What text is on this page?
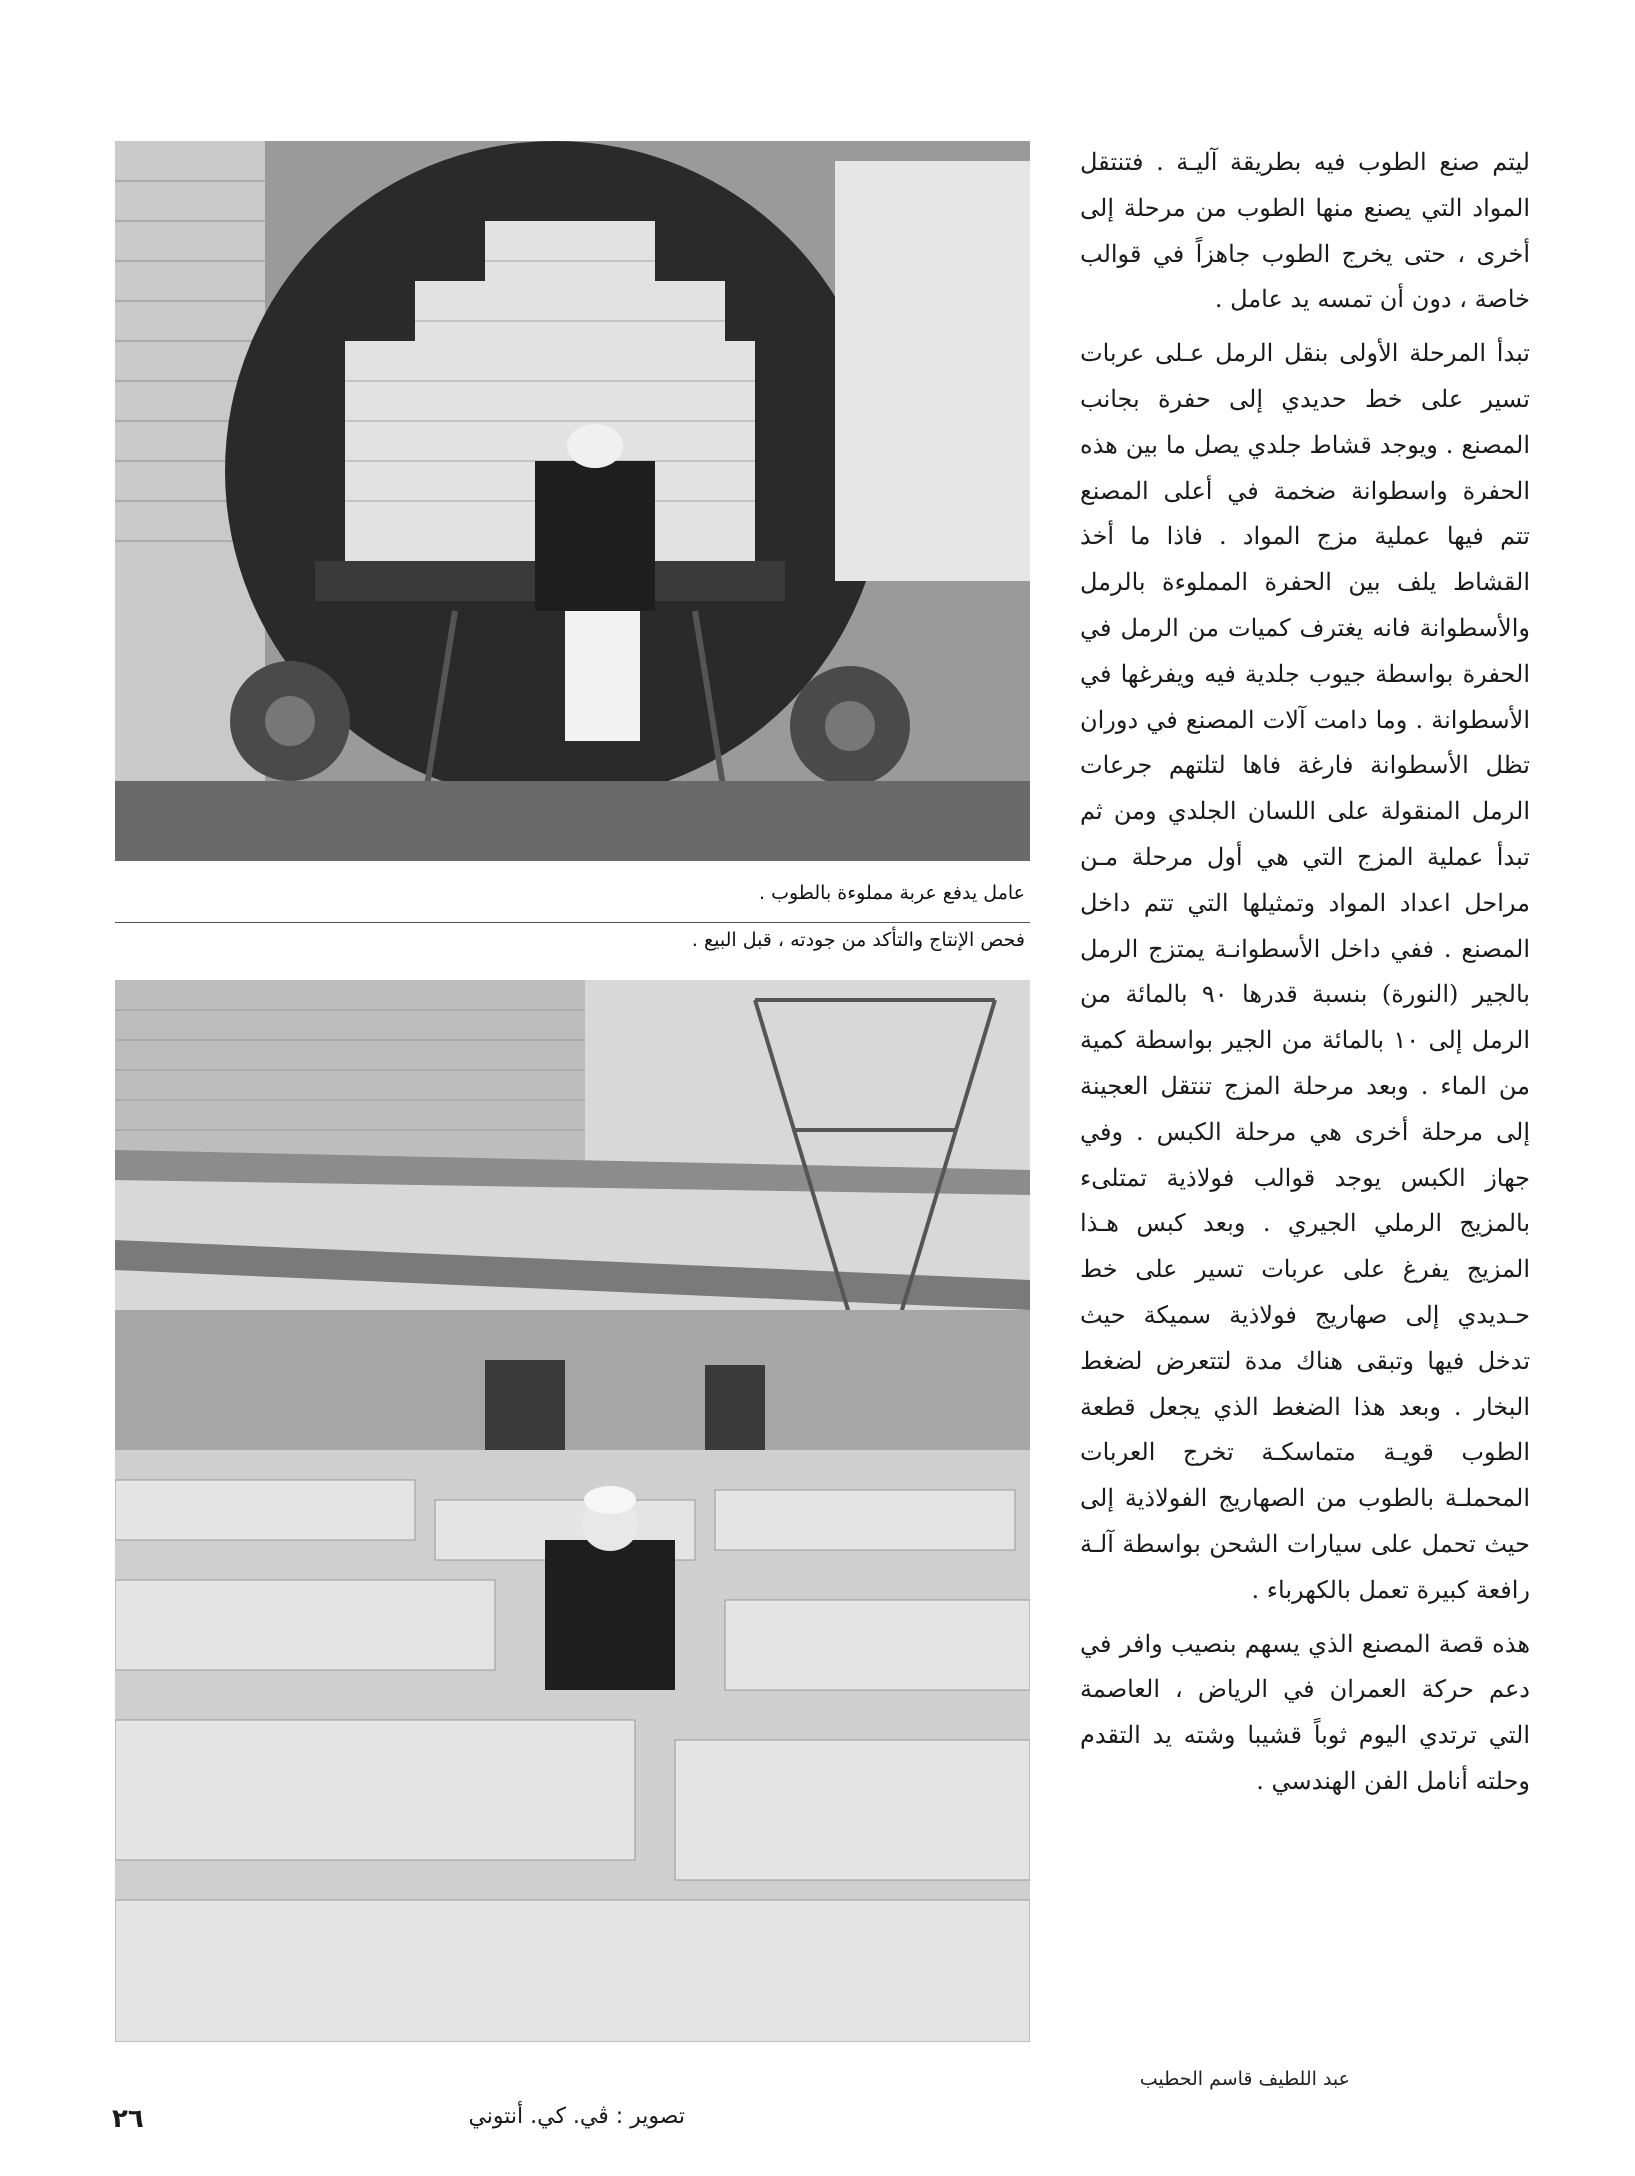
عامل يدفع عربة مملوءة بالطوب .
فحص الإنتاج والتأكد من جودته ، قبل البيع .

ليتم صنع الطوب فيه بطريقة آليـة . فتنتقل المواد التي يصنع منها الطوب من مرحلة إلى أخرى ، حتى يخرج الطوب جاهزاً في قوالب خاصة ، دون أن تمسه يد عامل .

تبدأ المرحلة الأولى بنقل الرمل عـلى عربات تسير على خط حديدي إلى حفرة بجانب المصنع . ويوجد قشاط جلدي يصل ما بين هذه الحفرة واسطوانة ضخمة في أعلى المصنع تتم فيها عملية مزج المواد . فاذا ما أخذ القشاط يلف بين الحفرة المملوءة بالرمل والأسطوانة فانه يغترف كميات من الرمل في الحفرة بواسطة جيوب جلدية فيه ويفرغها في الأسطوانة . وما دامت آلات المصنع في دوران تظل الأسطوانة فارغة فاها لتلتهم جرعات الرمل المنقولة على اللسان الجلدي ومن ثم تبدأ عملية المزج التي هي أول مرحلة مـن مراحل اعداد المواد وتمثيلها التي تتم داخل المصنع . ففي داخل الأسطوانـة يمتزج الرمل بالجير (النورة) بنسبة قدرها ٩٠ بالمائة من الرمل إلى ١٠ بالمائة من الجير بواسطة كمية من الماء . وبعد مرحلة المزج تنتقل العجينة إلى مرحلة أخرى هي مرحلة الكبس . وفي جهاز الكبس يوجد قوالب فولاذية تمتلىء بالمزيج الرملي الجيري . وبعد كبس هـذا المزيج يفرغ على عربات تسير على خط حـديدي إلى صهاريج فولاذية سميكة حيث تدخل فيها وتبقى هناك مدة لتتعرض لضغط البخار . وبعد هذا الضغط الذي يجعل قطعة الطوب قويـة متماسكـة تخرج العربات المحملـة بالطوب من الصهاريج الفولاذية إلى حيث تحمل على سيارات الشحن بواسطة آلـة رافعة كبيرة تعمل بالكهرباء .

هذه قصة المصنع الذي يسهم بنصيب وافر في دعم حركة العمران في الرياض ، العاصمة التي ترتدي اليوم ثوباً قشيبا وشته يد التقدم وحلته أنامل الفن الهندسي .

عبد اللطيف قاسم الحطيب
تصوير : ڤي. كي. أنتوني
٢٦
